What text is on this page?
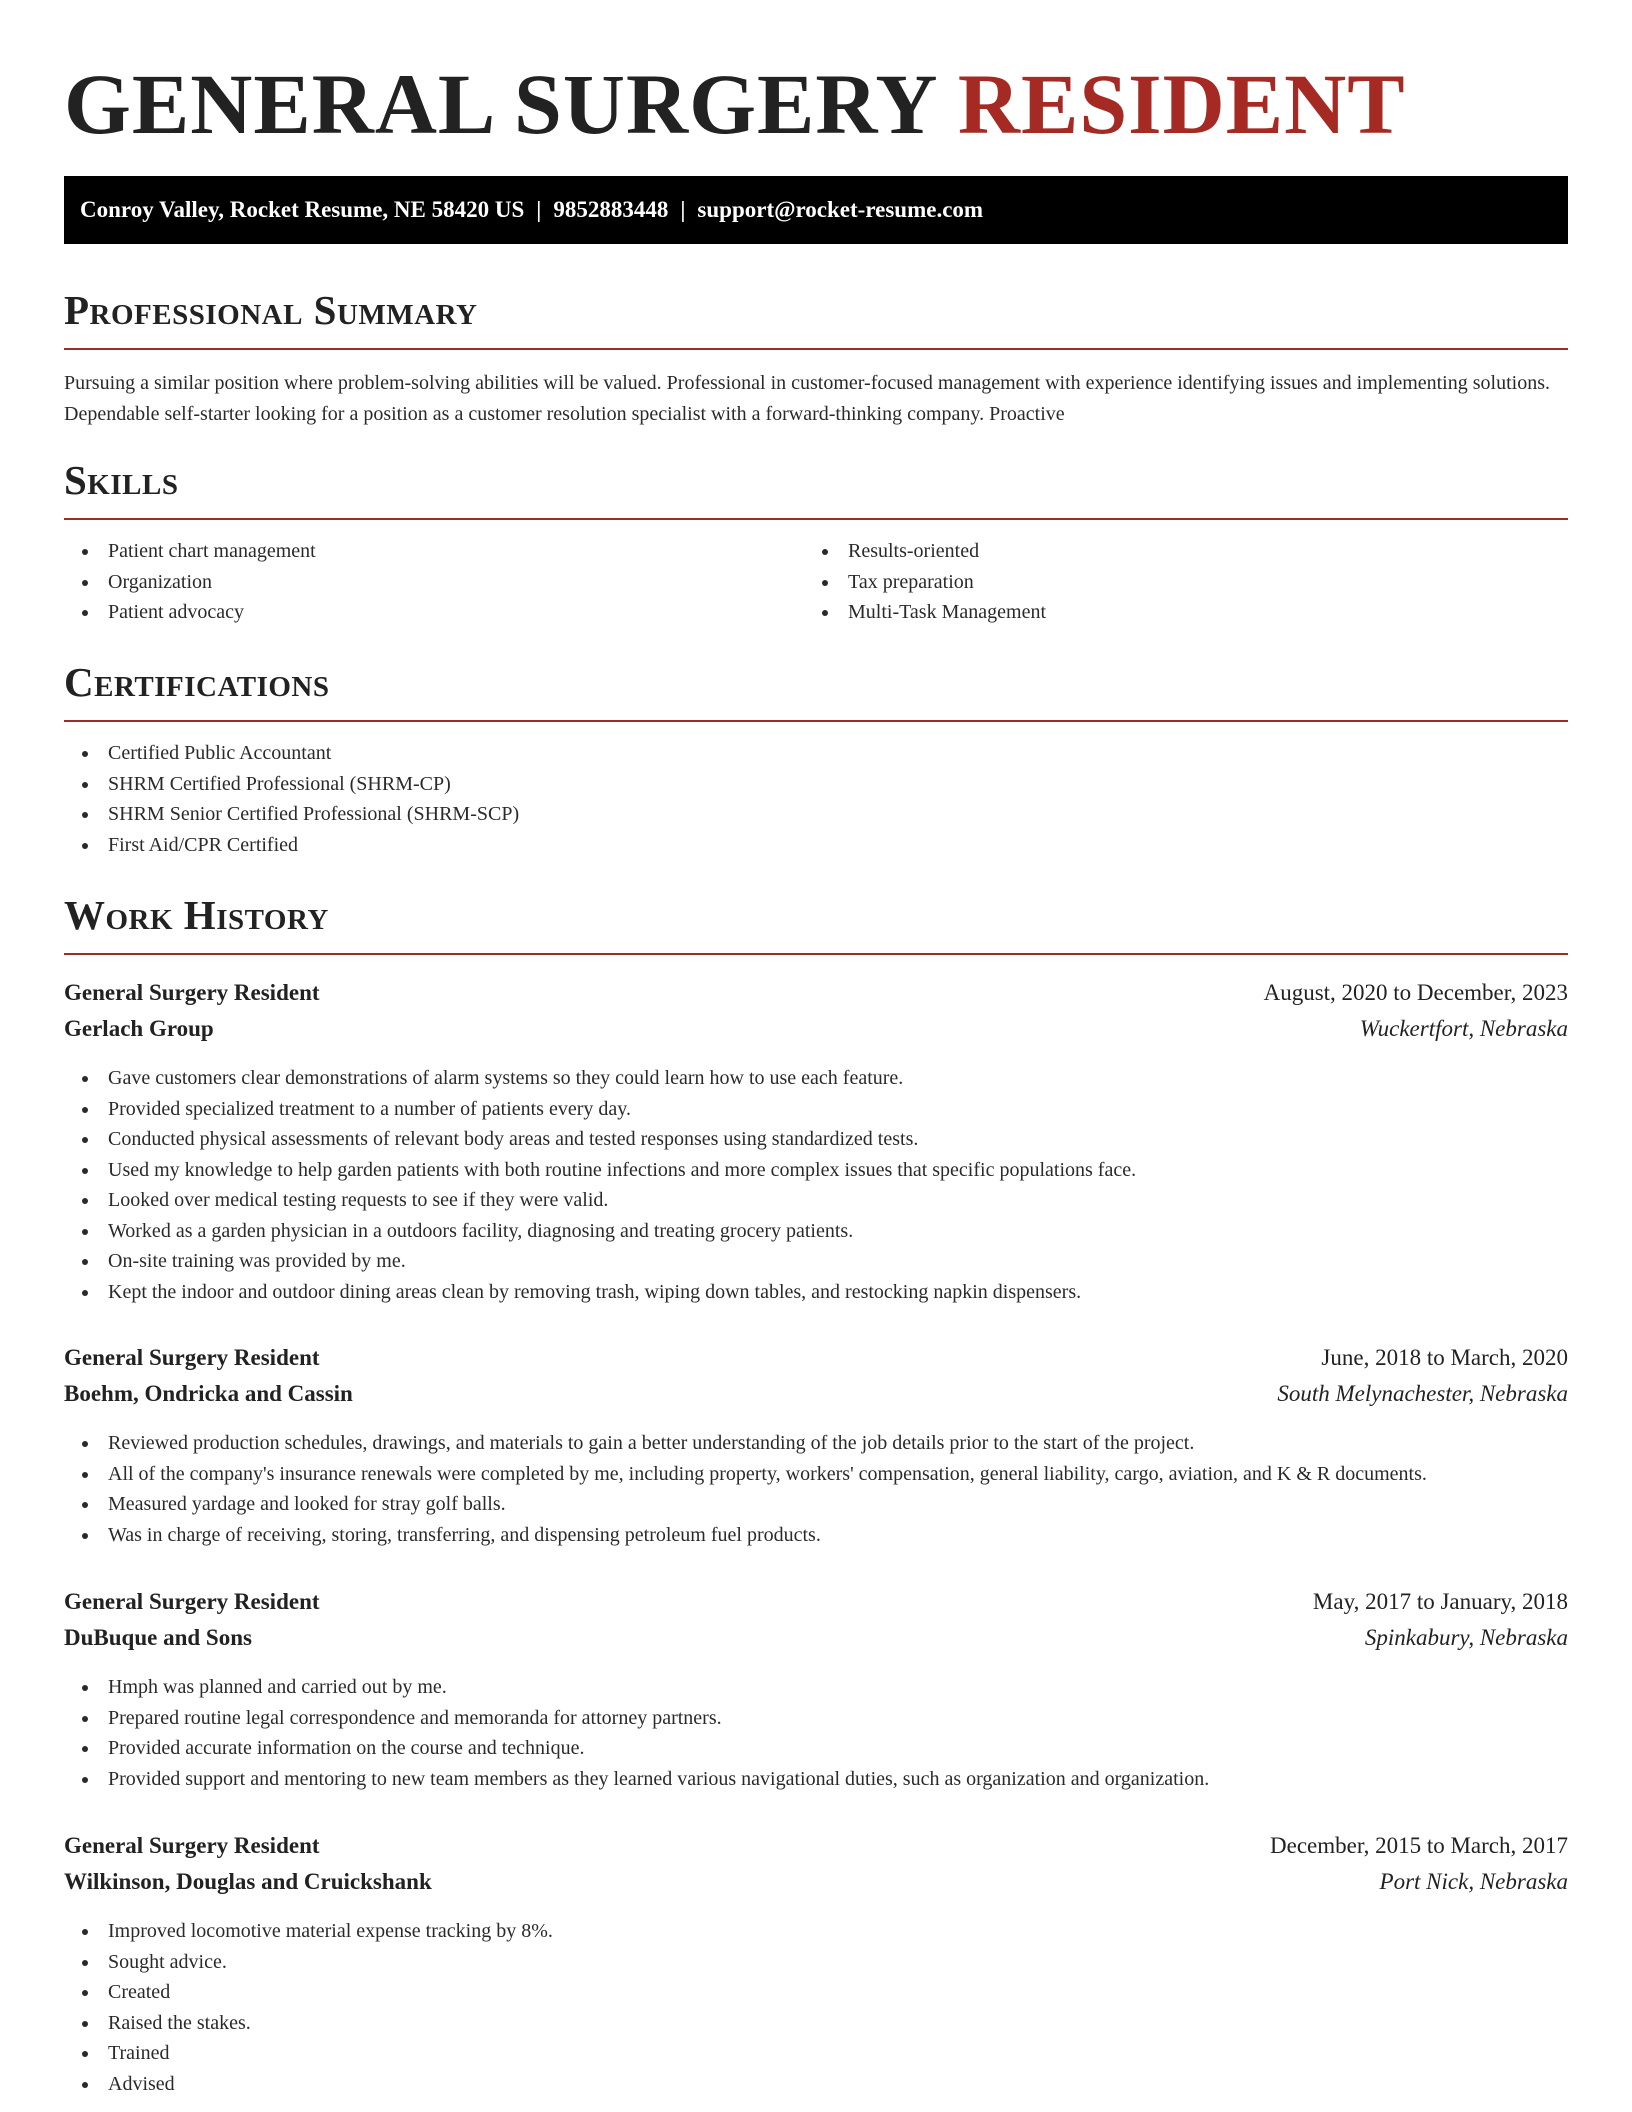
GENERAL SURGERY RESIDENT
Conroy Valley, Rocket Resume, NE 58420 US | 9852883448 | support@rocket-resume.com
Professional Summary
Pursuing a similar position where problem-solving abilities will be valued. Professional in customer-focused management with experience identifying issues and implementing solutions. Dependable self-starter looking for a position as a customer resolution specialist with a forward-thinking company. Proactive
Skills
Patient chart management
Organization
Patient advocacy
Results-oriented
Tax preparation
Multi-Task Management
Certifications
Certified Public Accountant
SHRM Certified Professional (SHRM-CP)
SHRM Senior Certified Professional (SHRM-SCP)
First Aid/CPR Certified
Work History
General Surgery Resident	August, 2020 to December, 2023
Gerlach Group	Wuckertfort, Nebraska
Gave customers clear demonstrations of alarm systems so they could learn how to use each feature.
Provided specialized treatment to a number of patients every day.
Conducted physical assessments of relevant body areas and tested responses using standardized tests.
Used my knowledge to help garden patients with both routine infections and more complex issues that specific populations face.
Looked over medical testing requests to see if they were valid.
Worked as a garden physician in a outdoors facility, diagnosing and treating grocery patients.
On-site training was provided by me.
Kept the indoor and outdoor dining areas clean by removing trash, wiping down tables, and restocking napkin dispensers.
General Surgery Resident	June, 2018 to March, 2020
Boehm, Ondricka and Cassin	South Melynachester, Nebraska
Reviewed production schedules, drawings, and materials to gain a better understanding of the job details prior to the start of the project.
All of the company's insurance renewals were completed by me, including property, workers' compensation, general liability, cargo, aviation, and K & R documents.
Measured yardage and looked for stray golf balls.
Was in charge of receiving, storing, transferring, and dispensing petroleum fuel products.
General Surgery Resident	May, 2017 to January, 2018
DuBuque and Sons	Spinkabury, Nebraska
Hmph was planned and carried out by me.
Prepared routine legal correspondence and memoranda for attorney partners.
Provided accurate information on the course and technique.
Provided support and mentoring to new team members as they learned various navigational duties, such as organization and organization.
General Surgery Resident	December, 2015 to March, 2017
Wilkinson, Douglas and Cruickshank	Port Nick, Nebraska
Improved locomotive material expense tracking by 8%.
Sought advice.
Created
Raised the stakes.
Trained
Advised
